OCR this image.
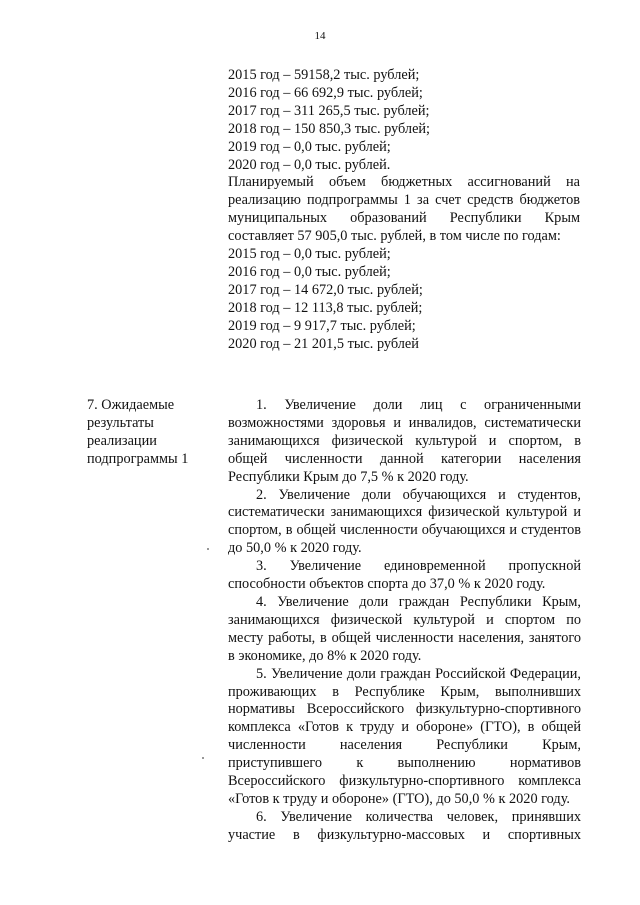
14
2015 год – 59158,2 тыс. рублей;
2016 год – 66 692,9 тыс. рублей;
2017 год – 311 265,5 тыс. рублей;
2018 год – 150 850,3 тыс. рублей;
2019 год – 0,0 тыс. рублей;
2020 год – 0,0 тыс. рублей.
Планируемый объем бюджетных ассигнований на реализацию подпрограммы 1 за счет средств бюджетов муниципальных образований Республики Крым составляет 57 905,0 тыс. рублей, в том числе по годам:
2015 год – 0,0 тыс. рублей;
2016 год – 0,0 тыс. рублей;
2017 год – 14 672,0 тыс. рублей;
2018 год – 12 113,8 тыс. рублей;
2019 год – 9 917,7 тыс. рублей;
2020 год – 21 201,5 тыс. рублей
7. Ожидаемые
результаты
реализации
подпрограммы 1
1. Увеличение доли лиц с ограниченными возможностями здоровья и инвалидов, систематически занимающихся физической культурой и спортом, в общей численности данной категории населения Республики Крым до 7,5 % к 2020 году.
2. Увеличение доли обучающихся и студентов, систематически занимающихся физической культурой и спортом, в общей численности обучающихся и студентов до 50,0 % к 2020 году.
3. Увеличение единовременной пропускной способности объектов спорта до 37,0 % к 2020 году.
4. Увеличение доли граждан Республики Крым, занимающихся физической культурой и спортом по месту работы, в общей численности населения, занятого в экономике, до 8% к 2020 году.
5. Увеличение доли граждан Российской Федерации, проживающих в Республике Крым, выполнивших нормативы Всероссийского физкультурно-спортивного комплекса «Готов к труду и обороне» (ГТО), в общей численности населения Республики Крым, приступившего к выполнению нормативов Всероссийского физкультурно-спортивного комплекса «Готов к труду и обороне» (ГТО), до 50,0 % к 2020 году.
6. Увеличение количества человек, принявших участие в физкультурно-массовых и спортивных
